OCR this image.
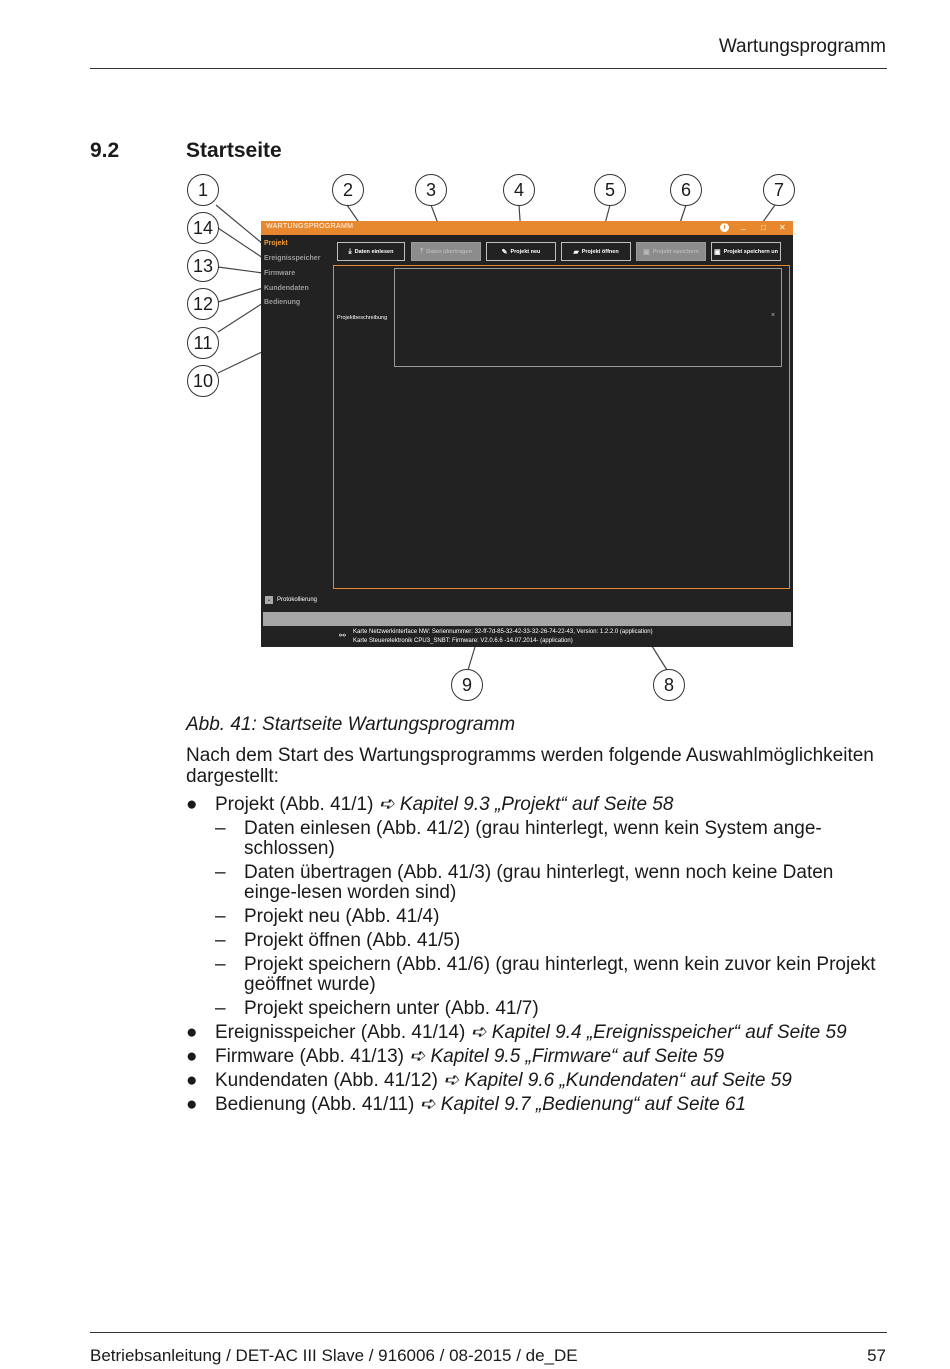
Wartungsprogramm
9.2	Startseite
1	2	3	4	5	6	7
14
13
12
11
10
9	8
WARTUNGSPROGRAMM	i	_ □ ✕
Projekt
Ereignisspeicher
Firmware
Kundendaten
Bedienung
⤓ Daten einlesen	⤒ Daten übertragen	✎ Projekt neu	▰ Projekt öffnen	▣ Projekt speichern ▣ Projekt speichern un
Projektbeschreibung	×
⌄ Protokollierung
⚯ Karte Netzwerkinterface NW: Seriennummer: 32-ff-7d-85-32-42-33-32-26-74-22-43, Version: 1.2.2.0 (application)
Karte Steuerelektronik CPU3_SNBT: Firmware: V2.0.6.6 -14.07.2014- (application)
Abb. 41: Startseite Wartungsprogramm
Nach dem Start des Wartungsprogramms werden folgende Auswahlmöglichkeiten dargestellt:
● Projekt (Abb. 41/1) ➪ Kapitel 9.3 „Projekt“ auf Seite 58
– Daten einlesen (Abb. 41/2) (grau hinterlegt, wenn kein System ange-schlossen)
– Daten übertragen (Abb. 41/3) (grau hinterlegt, wenn noch keine Daten einge-lesen worden sind)
– Projekt neu (Abb. 41/4)
– Projekt öffnen (Abb. 41/5)
– Projekt speichern (Abb. 41/6) (grau hinterlegt, wenn kein zuvor kein Projekt geöffnet wurde)
– Projekt speichern unter (Abb. 41/7)
● Ereignisspeicher (Abb. 41/14) ➪ Kapitel 9.4 „Ereignisspeicher“ auf Seite 59
● Firmware (Abb. 41/13) ➪ Kapitel 9.5 „Firmware“ auf Seite 59
● Kundendaten (Abb. 41/12) ➪ Kapitel 9.6 „Kundendaten“ auf Seite 59
● Bedienung (Abb. 41/11) ➪ Kapitel 9.7 „Bedienung“ auf Seite 61
Betriebsanleitung / DET-AC III Slave / 916006 / 08-2015 / de_DE	57
